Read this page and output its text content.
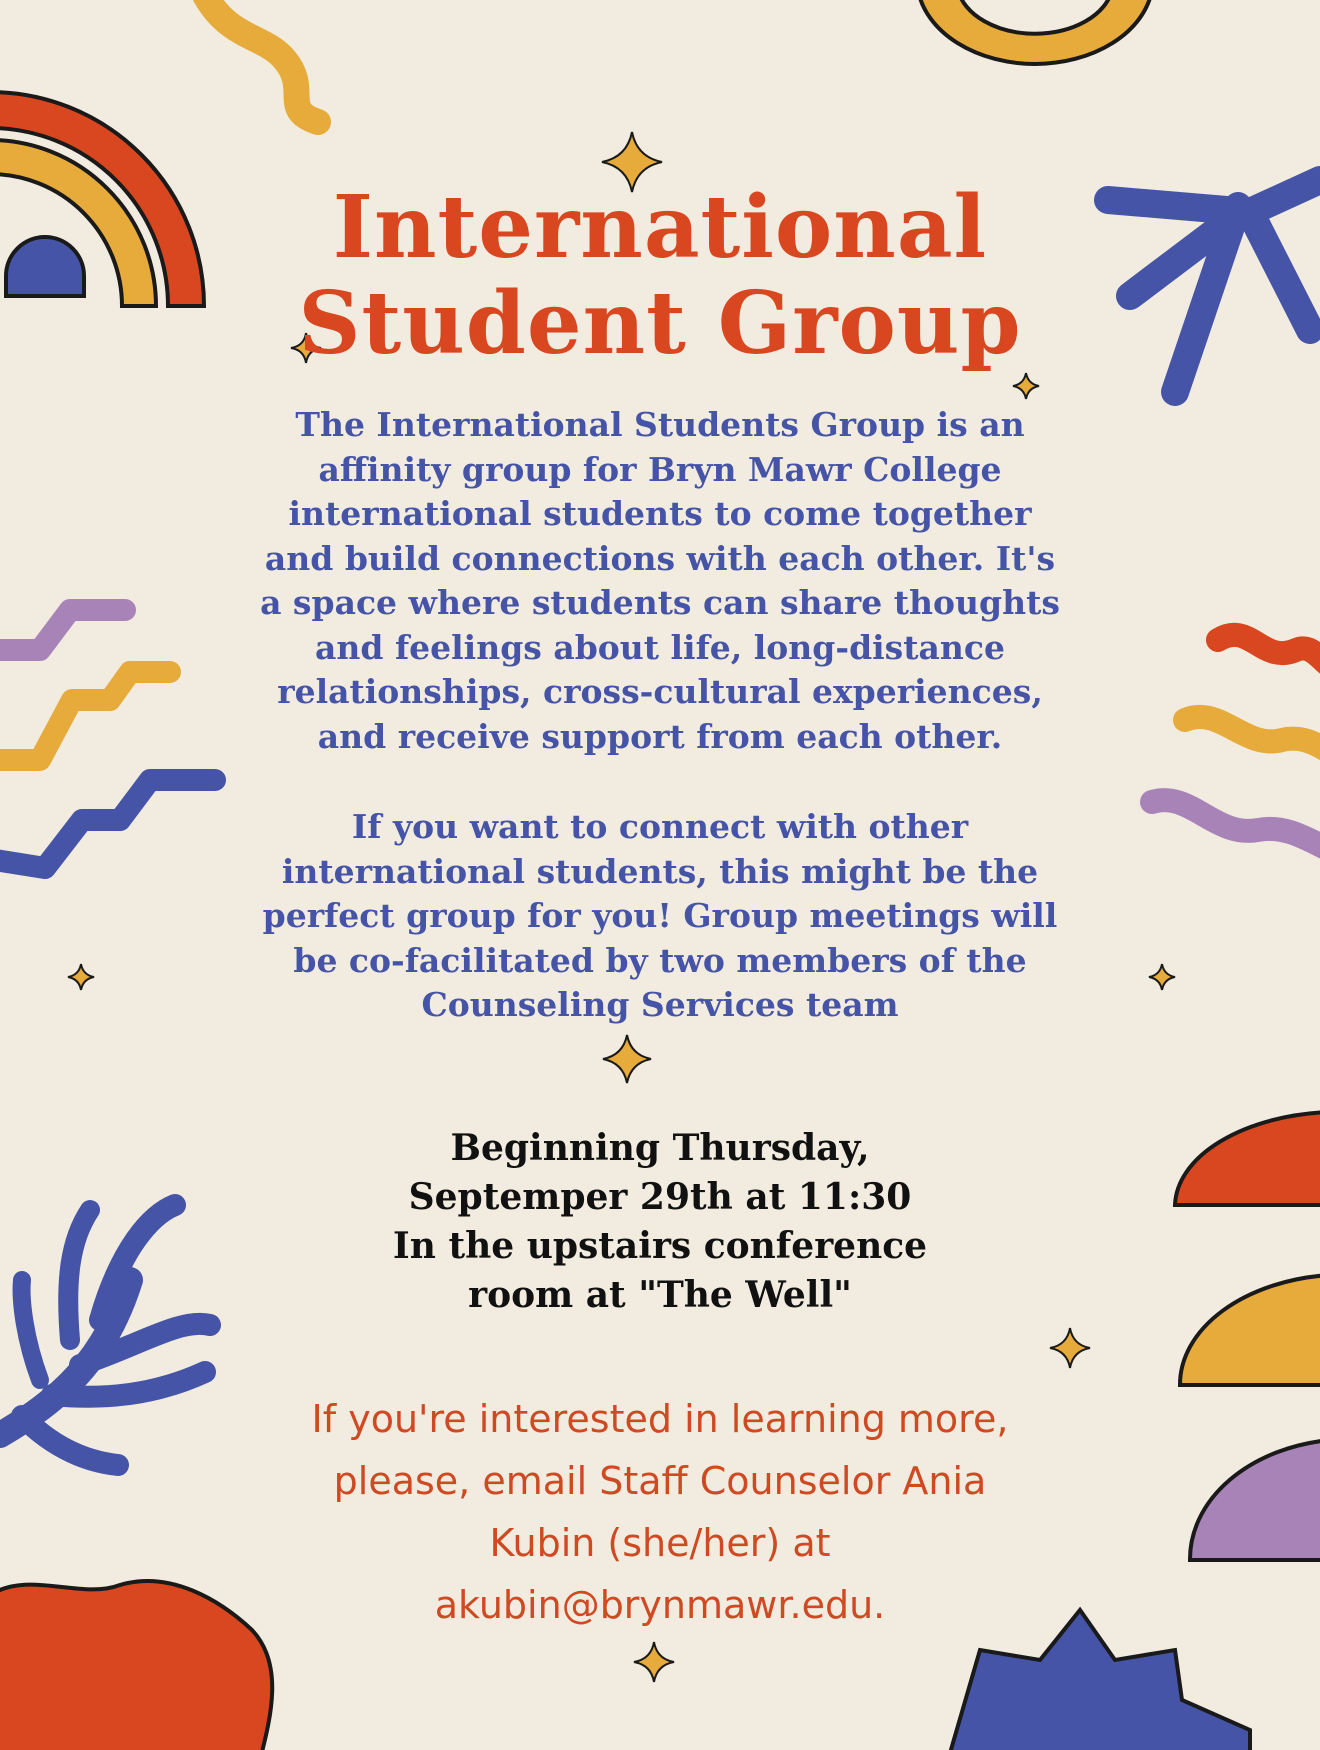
International
Student Group

The International Students Group is an
affinity group for Bryn Mawr College
international students to come together
and build connections with each other. It's
a space where students can share thoughts
and feelings about life, long-distance
relationships, cross-cultural experiences,
and receive support from each other.

If you want to connect with other
international students, this might be the
perfect group for you! Group meetings will
be co-facilitated by two members of the
Counseling Services team

Beginning Thursday,
Septemper 29th at 11:30
In the upstairs conference
room at "The Well"
If you're interested in learning more,
please, email Staff Counselor Ania
Kubin (she/her) at
akubin@brynmawr.edu.
